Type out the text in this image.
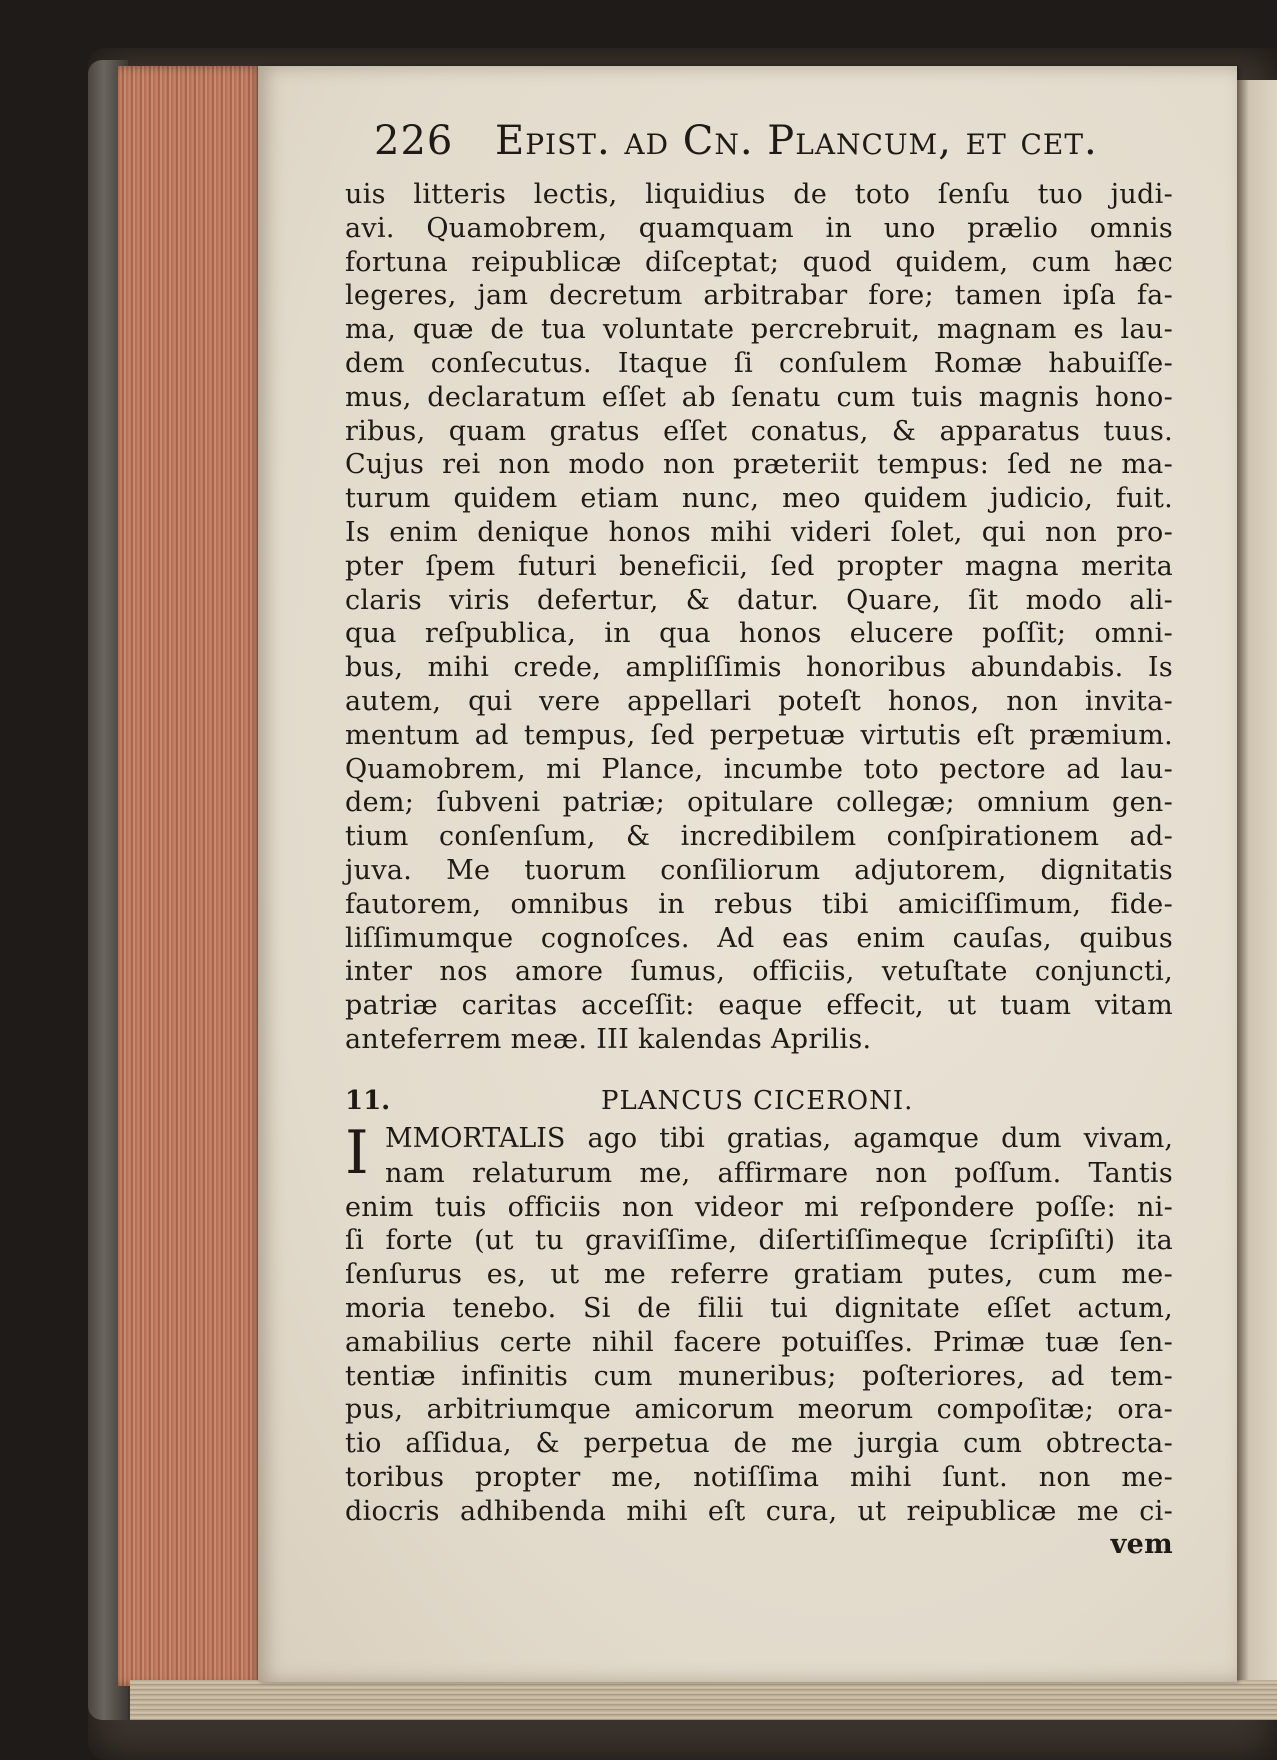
226 Epist. ad Cn. Plancum, et cet.
uis litteris lectis, liquidius de toto ſenſu tuo judi-
avi. Quamobrem, quamquam in uno prælio omnis
fortuna reipublicæ diſceptat; quod quidem, cum hæc
legeres, jam decretum arbitrabar fore; tamen ipſa fa-
ma, quæ de tua voluntate percrebruit, magnam es lau-
dem conſecutus. Itaque ſi conſulem Romæ habuiſſe-
mus, declaratum eſſet ab ſenatu cum tuis magnis hono-
ribus, quam gratus eſſet conatus, & apparatus tuus.
Cujus rei non modo non præteriit tempus: ſed ne ma-
turum quidem etiam nunc, meo quidem judicio, fuit.
Is enim denique honos mihi videri ſolet, qui non pro-
pter ſpem futuri beneficii, ſed propter magna merita
claris viris defertur, & datur. Quare, ſit modo ali-
qua reſpublica, in qua honos elucere poſſit; omni-
bus, mihi crede, ampliſſimis honoribus abundabis. Is
autem, qui vere appellari poteſt honos, non invita-
mentum ad tempus, ſed perpetuæ virtutis eſt præmium.
Quamobrem, mi Plance, incumbe toto pectore ad lau-
dem; ſubveni patriæ; opitulare collegæ; omnium gen-
tium conſenſum, & incredibilem conſpirationem ad-
juva. Me tuorum conſiliorum adjutorem, dignitatis
fautorem, omnibus in rebus tibi amiciſſimum, fide-
liſſimumque cognoſces. Ad eas enim cauſas, quibus
inter nos amore ſumus, officiis, vetuſtate conjuncti,
patriæ caritas acceſſit: eaque effecit, ut tuam vitam
anteferrem meæ. III kalendas Aprilis.
11.	PLANCUS CICERONI.
I MMORTALIS ago tibi gratias, agamque dum vivam,
nam relaturum me, affirmare non poſſum. Tantis
enim tuis officiis non videor mi reſpondere poſſe: ni-
ſi forte (ut tu graviſſime, diſertiſſimeque ſcripſiſti) ita
ſenſurus es, ut me referre gratiam putes, cum me-
moria tenebo. Si de filii tui dignitate eſſet actum,
amabilius certe nihil facere potuiſſes. Primæ tuæ ſen-
tentiæ infinitis cum muneribus; poſteriores, ad tem-
pus, arbitriumque amicorum meorum compoſitæ; ora-
tio aſſidua, & perpetua de me jurgia cum obtrecta-
toribus propter me, notiſſima mihi ſunt. non me-
diocris adhibenda mihi eſt cura, ut reipublicæ me ci-
vem
